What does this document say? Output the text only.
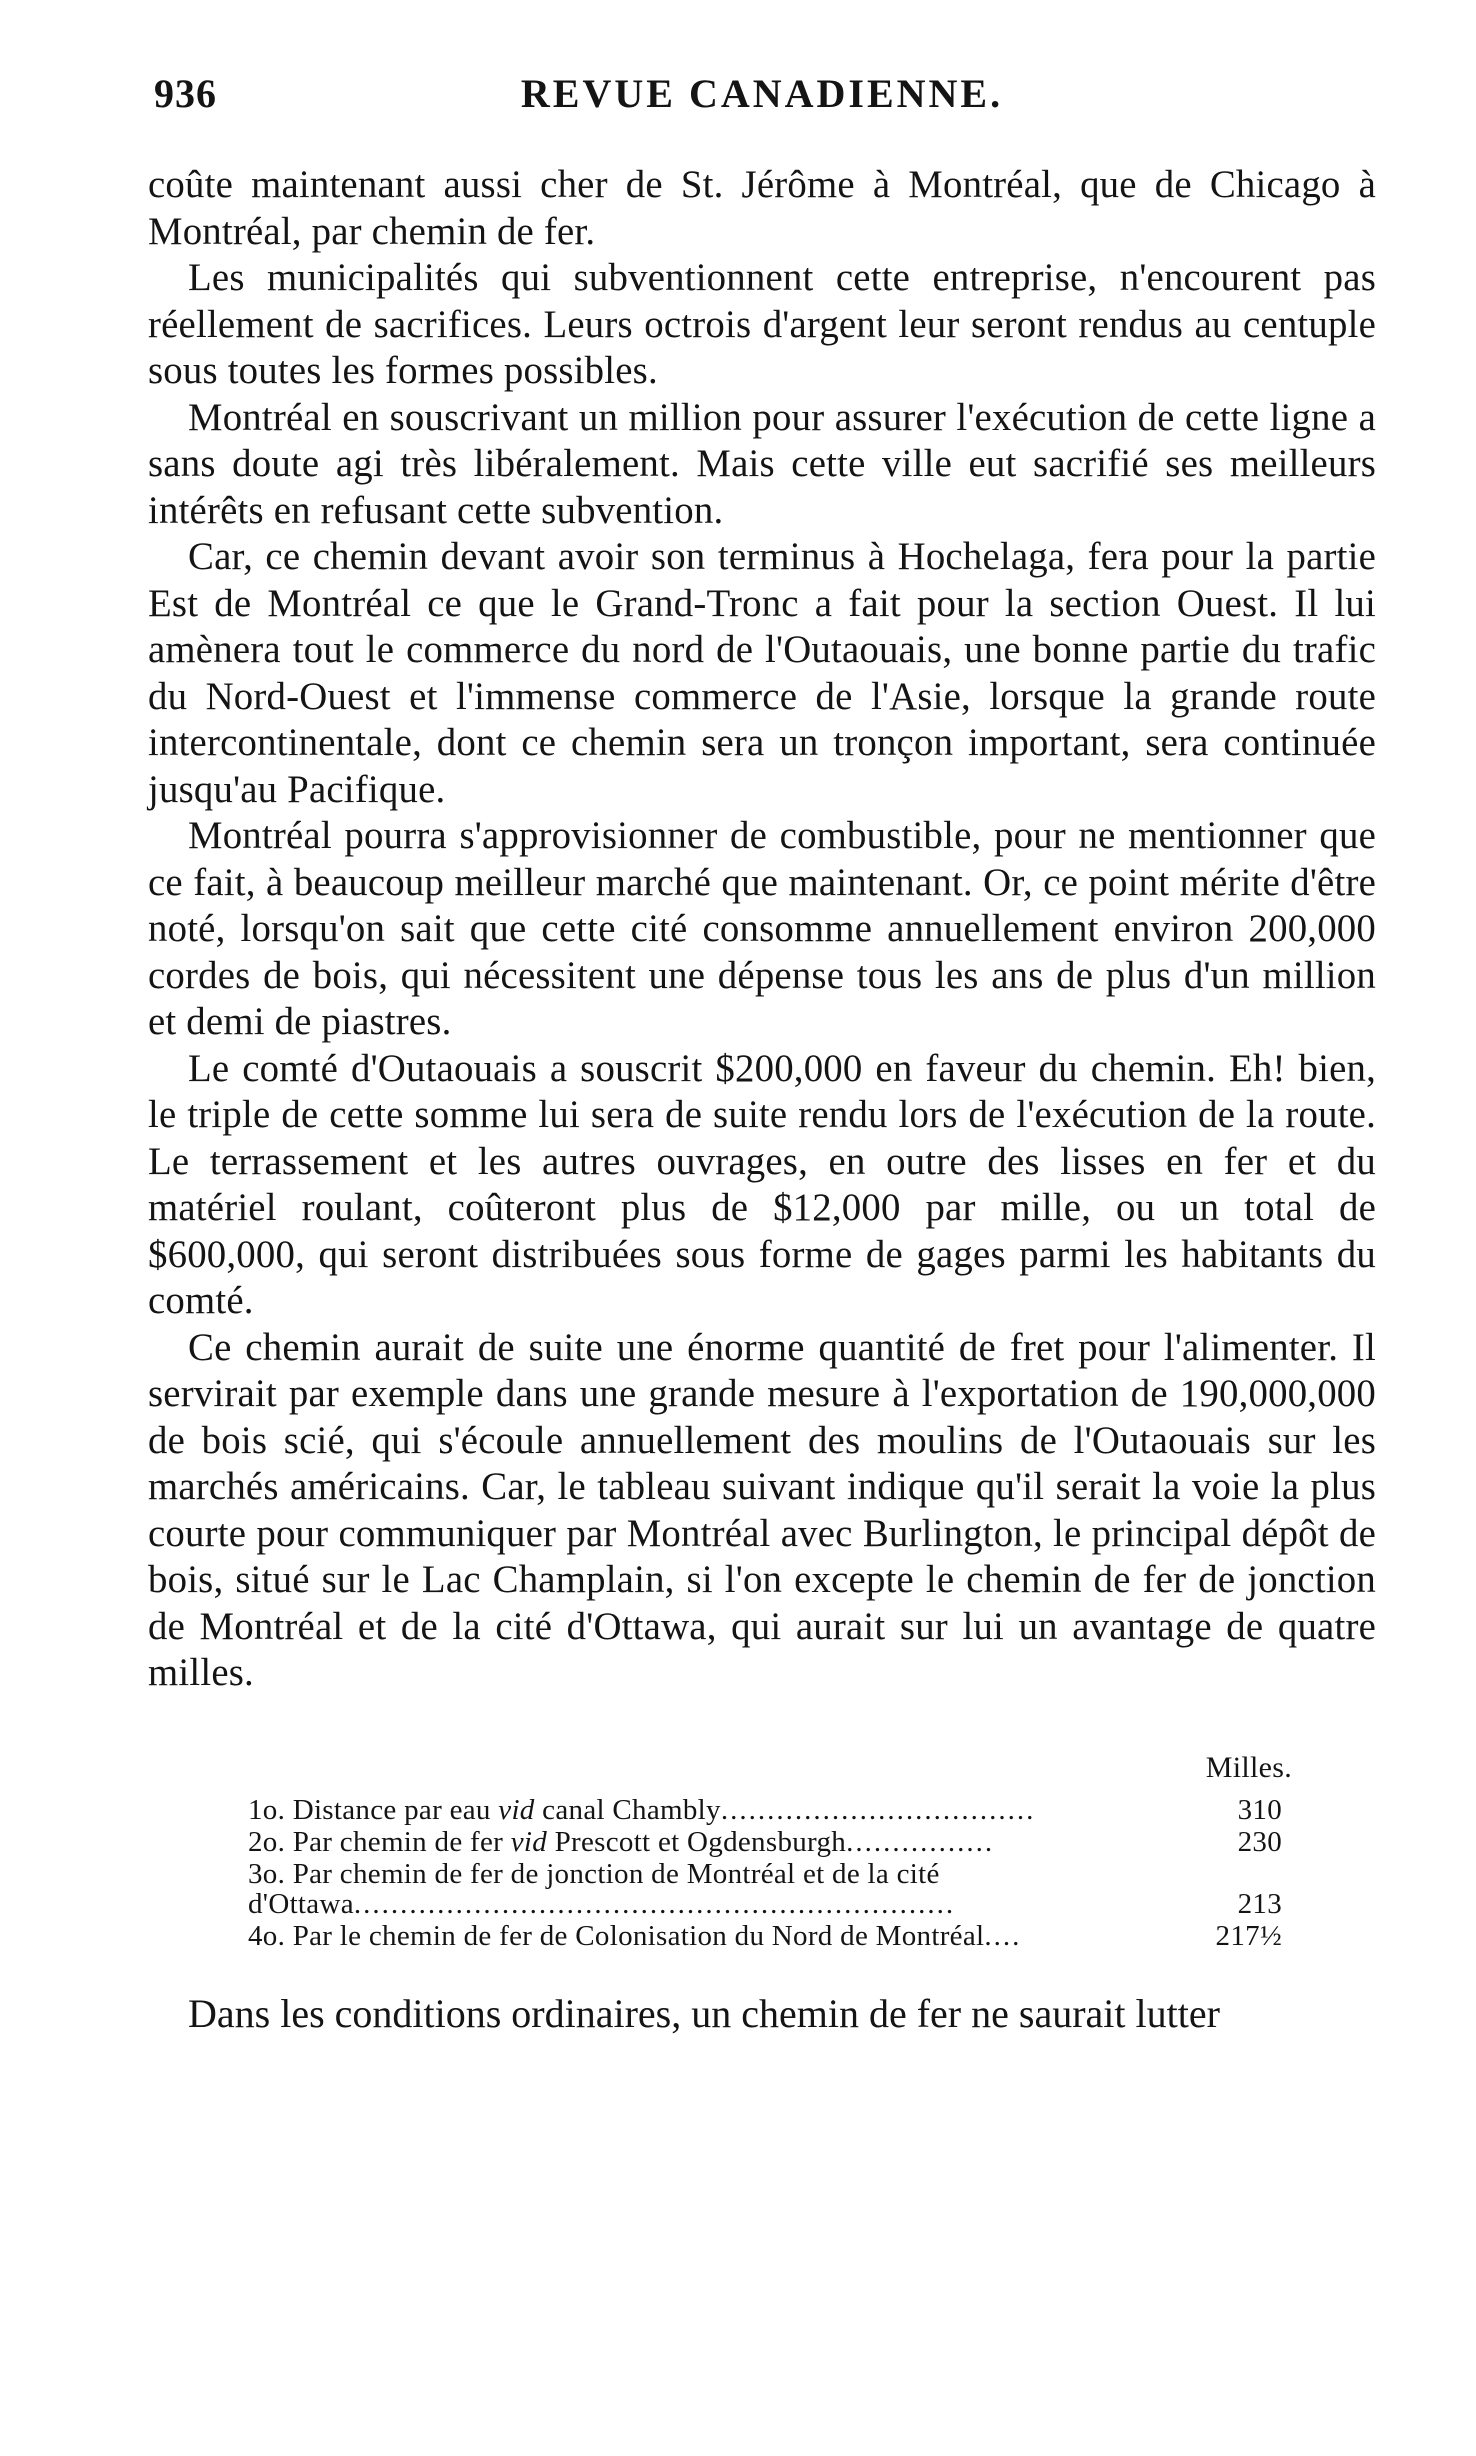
936	REVUE CANADIENNE.

coûte maintenant aussi cher de St. Jérôme à Montréal, que de Chicago à Montréal, par chemin de fer.

Les municipalités qui subventionnent cette entreprise, n'encourent pas réellement de sacrifices. Leurs octrois d'argent leur seront rendus au centuple sous toutes les formes possibles.

Montréal en souscrivant un million pour assurer l'exécution de cette ligne a sans doute agi très libéralement. Mais cette ville eut sacrifié ses meilleurs intérêts en refusant cette subvention.

Car, ce chemin devant avoir son terminus à Hochelaga, fera pour la partie Est de Montréal ce que le Grand-Tronc a fait pour la section Ouest. Il lui amènera tout le commerce du nord de l'Outaouais, une bonne partie du trafic du Nord-Ouest et l'immense commerce de l'Asie, lorsque la grande route intercontinentale, dont ce chemin sera un tronçon important, sera continuée jusqu'au Pacifique.

Montréal pourra s'approvisionner de combustible, pour ne mentionner que ce fait, à beaucoup meilleur marché que maintenant. Or, ce point mérite d'être noté, lorsqu'on sait que cette cité consomme annuellement environ 200,000 cordes de bois, qui nécessitent une dépense tous les ans de plus d'un million et demi de piastres.

Le comté d'Outaouais a souscrit $200,000 en faveur du chemin. Eh! bien, le triple de cette somme lui sera de suite rendu lors de l'exécution de la route. Le terrassement et les autres ouvrages, en outre des lisses en fer et du matériel roulant, coûteront plus de $12,000 par mille, ou un total de $600,000, qui seront distribuées sous forme de gages parmi les habitants du comté.

Ce chemin aurait de suite une énorme quantité de fret pour l'alimenter. Il servirait par exemple dans une grande mesure à l'exportation de 190,000,000 de bois scié, qui s'écoule annuellement des moulins de l'Outaouais sur les marchés américains. Car, le tableau suivant indique qu'il serait la voie la plus courte pour communiquer par Montréal avec Burlington, le principal dépôt de bois, situé sur le Lac Champlain, si l'on excepte le chemin de fer de jonction de Montréal et de la cité d'Ottawa, qui aurait sur lui un avantage de quatre milles.

Milles.
1o. Distance par eau vid canal Chambly..................................	310
2o. Par chemin de fer vid Prescott et Ogdensburgh................	230
3o. Par chemin de fer de jonction de Montréal et de la cité d'Ottawa.................................................................	213
4o. Par le chemin de fer de Colonisation du Nord de Montréal....	217½

Dans les conditions ordinaires, un chemin de fer ne saurait lutter
